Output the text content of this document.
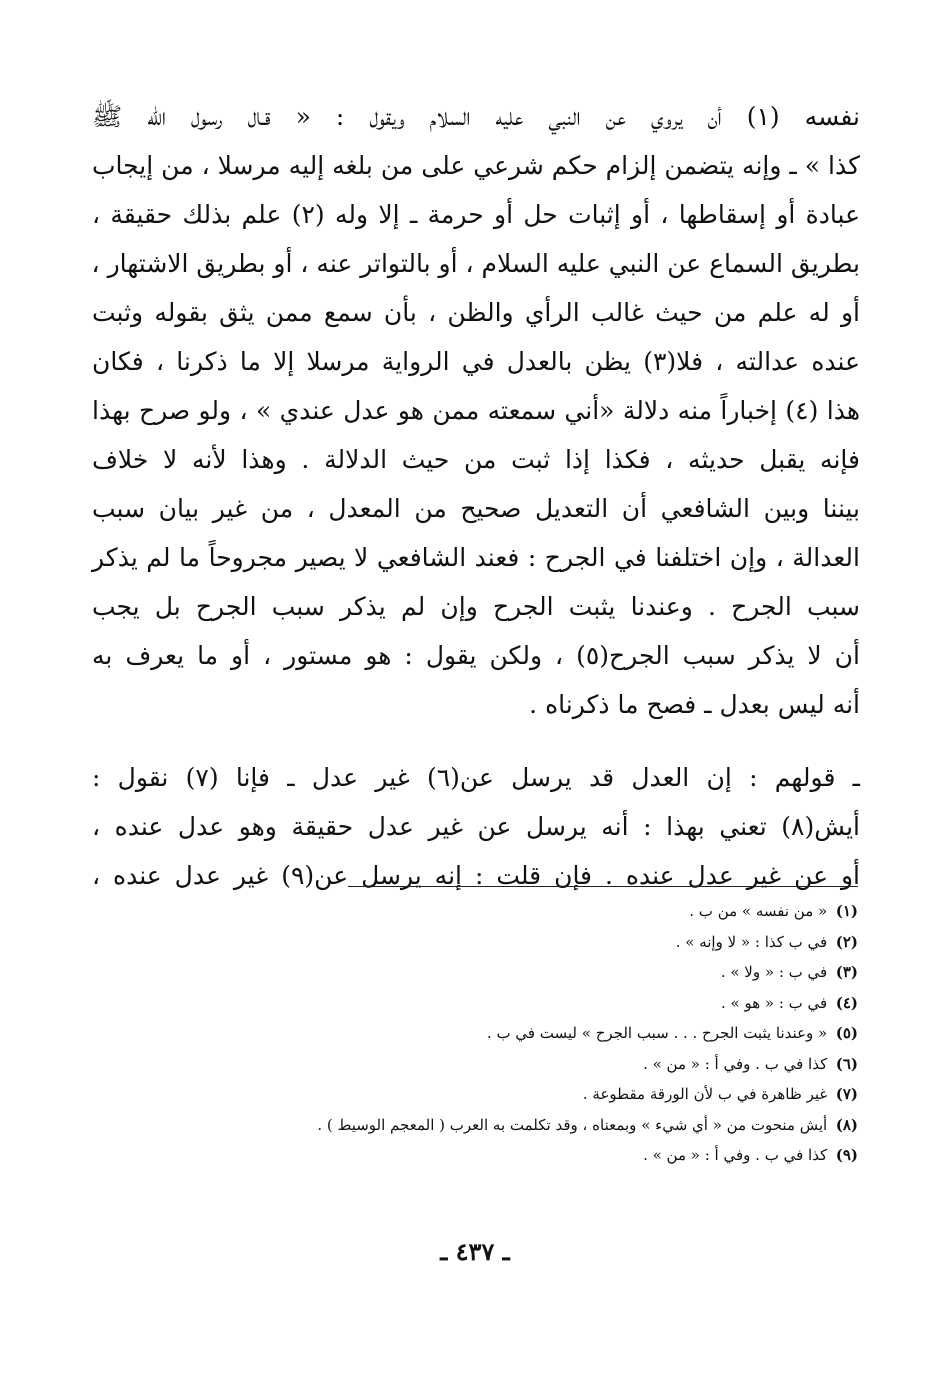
نفسه (١) أن يروي عن النبي عليه السلام ويقول : « قـال رسول الله ﷺ
كذا » ـ وإنه يتضمن إلزام حكم شرعي على من بلغه إليه مرسلا ، من إيجاب
عبادة أو إسقاطها ، أو إثبات حل أو حرمة ـ إلا وله (٢) علم بذلك حقيقة ،
بطريق السماع عن النبي عليه السلام ، أو بالتواتر عنه ، أو بطريق الاشتهار ،
أو له علم من حيث غالب الرأي والظن ، بأن سمع ممن يثق بقوله وثبت
عنده عدالته ، فلا(٣) يظن بالعدل في الرواية مرسلا إلا ما ذكرنا ، فكان
هذا (٤) إخباراً منه دلالة «أني سمعته ممن هو عدل عندي » ، ولو صرح بهذا
فإنه يقبل حديثه ، فكذا إذا ثبت من حيث الدلالة . وهذا لأنه لا خلاف
بيننا وبين الشافعي أن التعديل صحيح من المعدل ، من غير بيان سبب
العدالة ، وإن اختلفنا في الجرح : فعند الشافعي لا يصير مجروحاً ما لم يذكر
سبب الجرح . وعندنا يثبت الجرح وإن لم يذكر سبب الجرح بل يجب
أن لا يذكر سبب الجرح(٥) ، ولكن يقول : هو مستور ، أو ما يعرف به
أنه ليس بعدل ـ فصح ما ذكرناه .
ـ قولهم : إن العدل قد يرسل عن(٦) غير عدل ـ فإنا (٧) نقول :
أيش(٨) تعني بهذا : أنه يرسل عن غير عدل حقيقة وهو عدل عنده ،
أو عن غير عدل عنده . فإن قلت : إنه يرسل عن(٩) غير عدل عنده ،
(١) « من نفسه » من ب .
(٢) في ب كذا : « لا وإنه » .
(٣) في ب : « ولا » .
(٤) في ب : « هو » .
(٥) « وعندنا يثبت الجرح . . . سبب الجرح » ليست في ب .
(٦) كذا في ب . وفي أ : « من » .
(٧) غير ظاهرة في ب لأن الورقة مقطوعة .
(٨) أيش منحوت من « أي شيء » وبمعناه ، وقد تكلمت به العرب ( المعجم الوسيط ) .
(٩) كذا في ب . وفي أ : « من » .
ـ ٤٣٧ ـ
